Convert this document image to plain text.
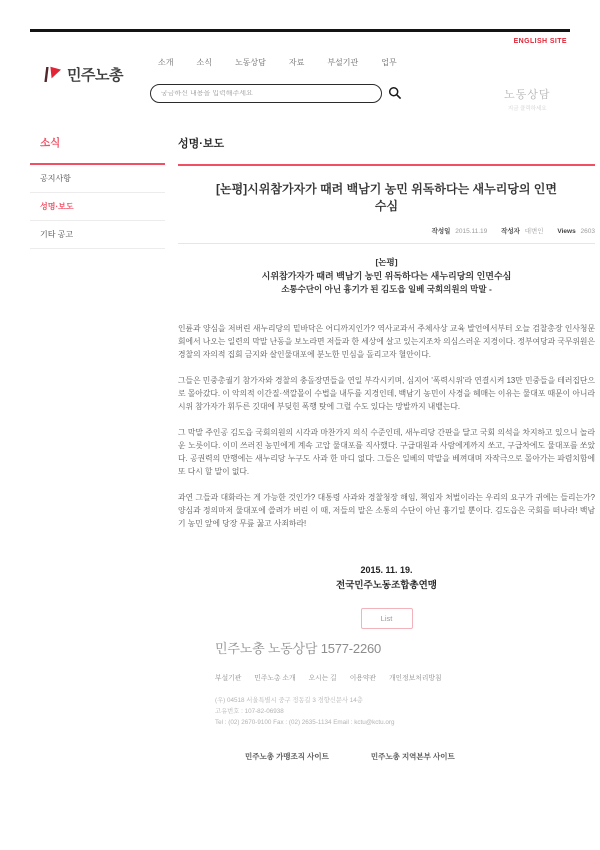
ENGLISH SITE
민주노총
소개	소식	노동상담	자료	부설기관	업무
궁금하신 내용을 입력해주세요
노동상담
지금 클릭하세요
소식
공지사항
성명·보도
기타 공고
성명·보도
[논평]시위참가자가 때려 백남기 농민 위독하다는 새누리당의 인면수심
작성일 2015.11.19 작성자 대변인 Views 2603
[논평]
시위참가자가 때려 백남기 농민 위독하다는 새누리당의 인면수심
소통수단이 아닌 흉기가 된 김도읍 일베 국회의원의 막말 -

인륜과 양심을 저버린 새누리당의 밑바닥은 어디까지인가? 역사교과서 주체사상 교육 발언에서부터 오늘 검찰총장 인사청문회에서 나오는 일련의 막말 난동을 보노라면 저들과 한 세상에 살고 있는지조차 의심스러운 지경이다. 정부여당과 국무위원은 경찰의 자의적 집회 금지와 살인물대포에 분노한 민심을 돌리고자 혈안이다.

그들은 민중총궐기 참가자와 경찰의 충돌장면들을 연일 부각시키며, 심지어 '폭력시위'라 연결시켜 13만 민중들을 테러집단으로 몰아갔다. 이 악의적 이간질·색깔몰이 수법을 내두를 지경인데, 백남기 농민이 사경을 헤매는 이유는 물대포 때문이 아니라 시위 참가자가 휘두른 깃대에 부딪힌 폭행 탓에 그럴 수도 있다는 망발까지 내뱉는다.

그 막말 주인공 김도읍 국회의원의 시각과 마찬가지 의식 수준인데, 새누리당 간판을 달고 국회 의석을 차지하고 있으니 놀라운 노릇이다. 이미 쓰러진 농민에게 계속 고압 물대포를 직사했다. 구급대원과 사람에게까지 쏘고, 구급차에도 물대포를 쏘았다. 공권력의 만행에는 새누리당 누구도 사과 한 마디 없다. 그들은 일베의 막말을 베껴대며 자작극으로 몰아가는 파렴치함에 또 다시 할 말이 없다.

과연 그들과 대화라는 게 가능한 것인가? 대통령 사과와 경찰청장 해임, 책임자 처벌이라는 우리의 요구가 귀에는 들리는가? 양심과 정의마저 물대포에 쓸려가 버린 이 때, 저들의 말은 소통의 수단이 아닌 흉기일 뿐이다. 김도읍은 국회를 떠나라! 백남기 농민 앞에 당장 무릎 꿇고 사죄하라!

2015. 11. 19.
전국민주노동조합총연맹
List
민주노총 노동상담 1577-2260
부설기관 민주노총 소개 오시는 길 이용약관 개인정보처리방침
(우) 04518 서울특별시 중구 정동길 3 경향신문사 14층
고유번호 : 107-82-06938
Tel : (02) 2670-9100 Fax : (02) 2635-1134 Email : kctu@kctu.org
민주노총 가맹조직 사이트	민주노총 지역본부 사이트
